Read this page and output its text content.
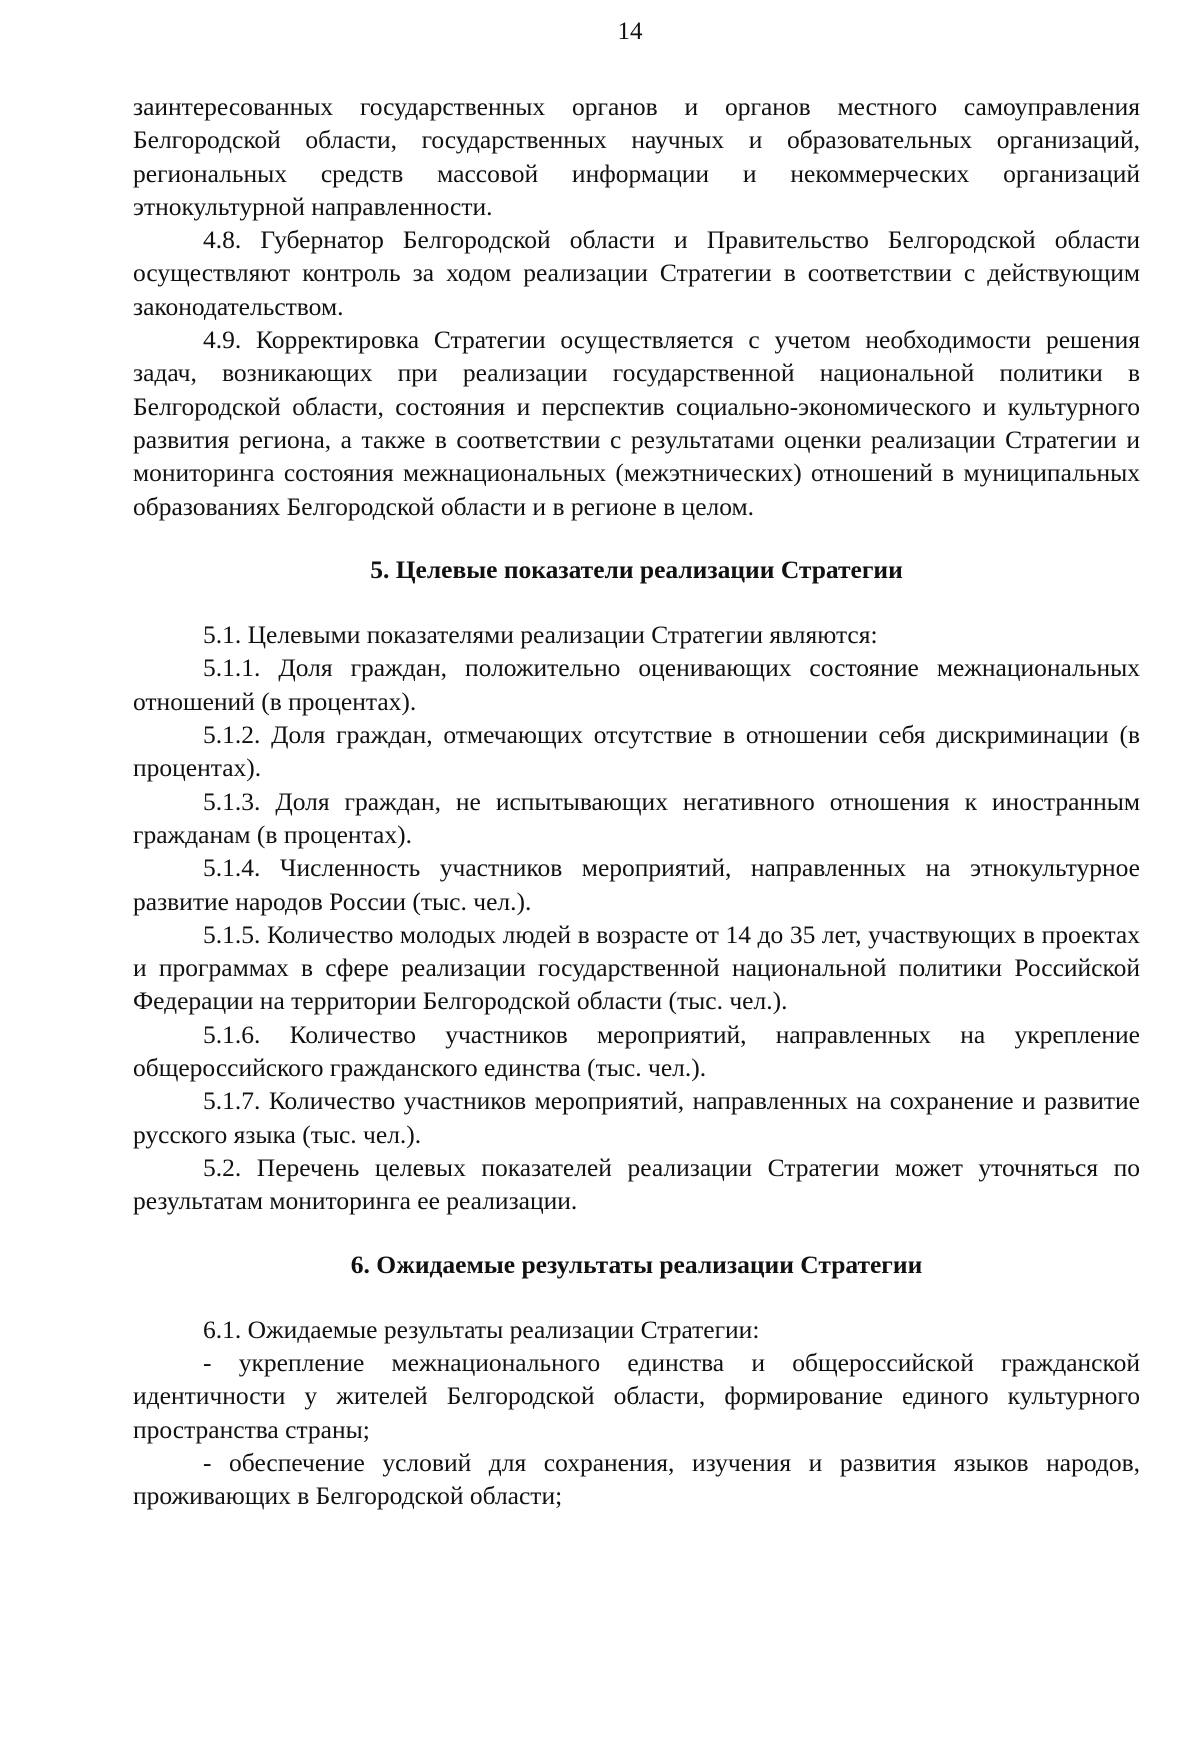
14

заинтересованных государственных органов и органов местного самоуправления Белгородской области, государственных научных и образовательных организаций, региональных средств массовой информации и некоммерческих организаций этнокультурной направленности.

4.8. Губернатор Белгородской области и Правительство Белгородской области осуществляют контроль за ходом реализации Стратегии в соответствии с действующим законодательством.

4.9. Корректировка Стратегии осуществляется с учетом необходимости решения задач, возникающих при реализации государственной национальной политики в Белгородской области, состояния и перспектив социально-экономического и культурного развития региона, а также в соответствии с результатами оценки реализации Стратегии и мониторинга состояния межнациональных (межэтнических) отношений в муниципальных образованиях Белгородской области и в регионе в целом.

5. Целевые показатели реализации Стратегии

5.1. Целевыми показателями реализации Стратегии являются:

5.1.1. Доля граждан, положительно оценивающих состояние межнациональных отношений (в процентах).

5.1.2. Доля граждан, отмечающих отсутствие в отношении себя дискриминации (в процентах).

5.1.3. Доля граждан, не испытывающих негативного отношения к иностранным гражданам (в процентах).

5.1.4. Численность участников мероприятий, направленных на этнокультурное развитие народов России (тыс. чел.).

5.1.5. Количество молодых людей в возрасте от 14 до 35 лет, участвующих в проектах и программах в сфере реализации государственной национальной политики Российской Федерации на территории Белгородской области (тыс. чел.).

5.1.6. Количество участников мероприятий, направленных на укрепление общероссийского гражданского единства (тыс. чел.).

5.1.7. Количество участников мероприятий, направленных на сохранение и развитие русского языка (тыс. чел.).

5.2. Перечень целевых показателей реализации Стратегии может уточняться по результатам мониторинга ее реализации.

6. Ожидаемые результаты реализации Стратегии

6.1. Ожидаемые результаты реализации Стратегии:

- укрепление межнационального единства и общероссийской гражданской идентичности у жителей Белгородской области, формирование единого культурного пространства страны;

- обеспечение условий для сохранения, изучения и развития языков народов, проживающих в Белгородской области;
